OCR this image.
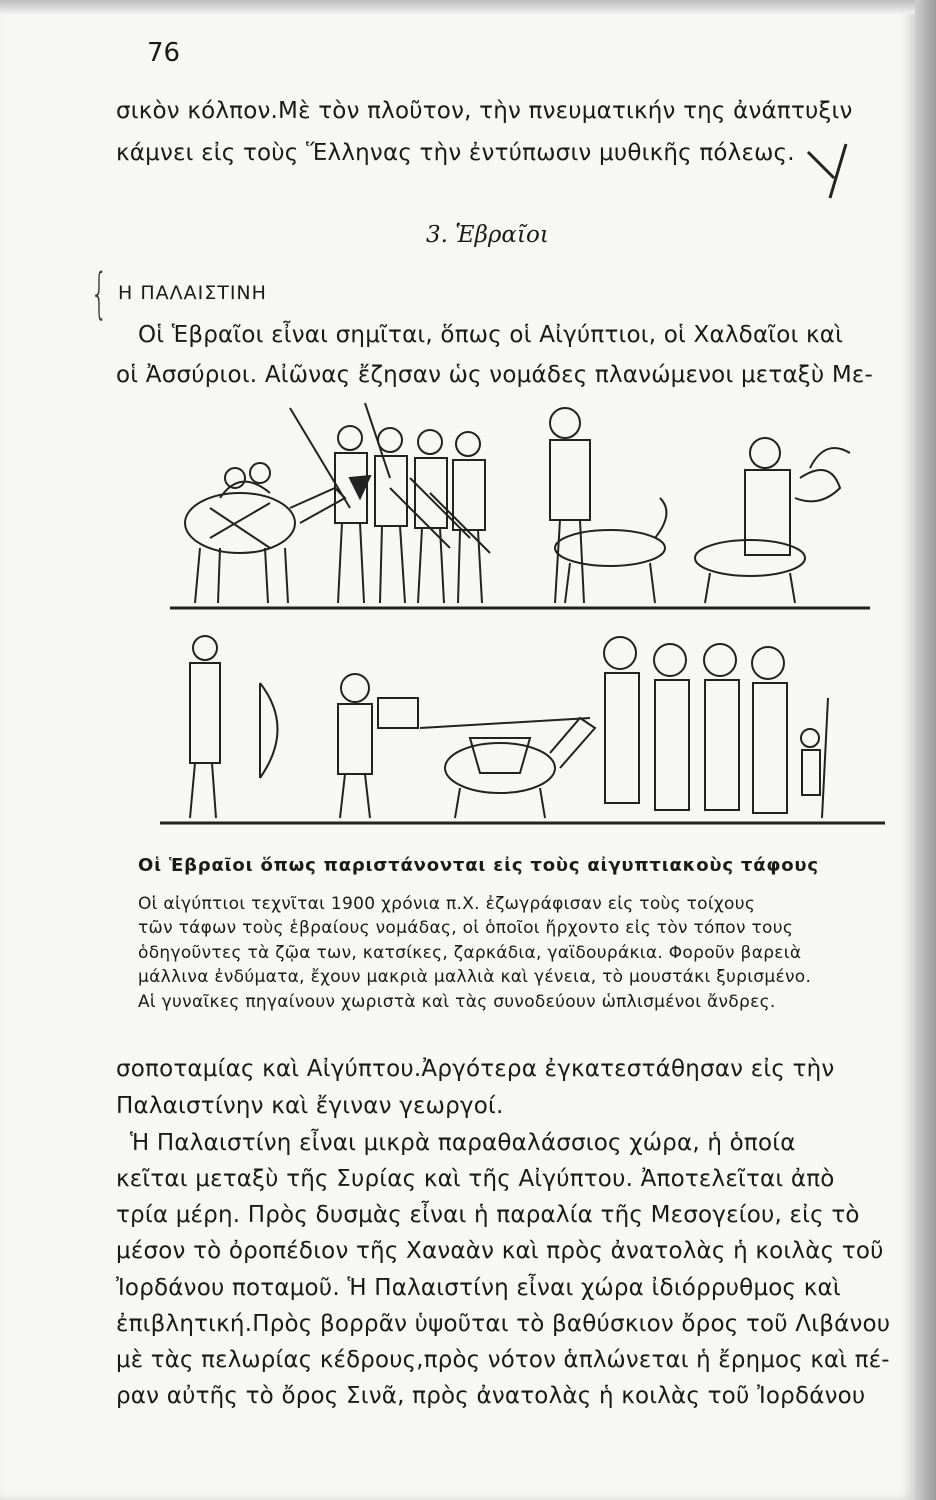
76
σικὸν κόλπον.Μὲ τὸν πλοῦτον, τὴν πνευματικήν της ἀνάπτυξιν
κάμνει εἰς τοὺς Ἕλληνας τὴν ἐντύπωσιν μυθικῆς πόλεως.
3. Ἑβραῖοι
{ Η ΠΑΛΑΙΣΤΙΝΗ
Οἱ Ἑβραῖοι εἶναι σημῖται, ὅπως οἱ Αἰγύπτιοι, οἱ Χαλδαῖοι καὶ
οἱ Ἀσσύριοι. Αἰῶνας ἔζησαν ὡς νομάδες πλανώμενοι μεταξὺ Με-
Οἱ Ἑβραῖοι ὅπως παριστάνονται εἰς τοὺς αἰγυπτιακοὺς τάφους
Οἱ αἰγύπτιοι τεχνῖται 1900 χρόνια π.Χ. ἐζωγράφισαν εἰς τοὺς τοίχους
τῶν τάφων τοὺς ἑβραίους νομάδας, οἱ ὁποῖοι ἤρχοντο εἰς τὸν τόπον τους
ὁδηγοῦντες τὰ ζῷα των, κατσίκες, ζαρκάδια, γαϊδουράκια. Φοροῦν βαρειὰ
μάλλινα ἐνδύματα, ἔχουν μακριὰ μαλλιὰ καὶ γένεια, τὸ μουστάκι ξυρισμένο.
Αἱ γυναῖκες πηγαίνουν χωριστὰ καὶ τὰς συνοδεύουν ὡπλισμένοι ἄνδρες.
σοποταμίας καὶ Αἰγύπτου.Ἀργότερα ἐγκατεστάθησαν εἰς τὴν
Παλαιστίνην καὶ ἔγιναν γεωργοί.
Ἡ Παλαιστίνη εἶναι μικρὰ παραθαλάσσιος χώρα, ἡ ὁποία
κεῖται μεταξὺ τῆς Συρίας καὶ τῆς Αἰγύπτου. Ἀποτελεῖται ἀπὸ
τρία μέρη. Πρὸς δυσμὰς εἶναι ἡ παραλία τῆς Μεσογείου, εἰς τὸ
μέσον τὸ ὀροπέδιον τῆς Χαναὰν καὶ πρὸς ἀνατολὰς ἡ κοιλὰς τοῦ
Ἰορδάνου ποταμοῦ. Ἡ Παλαιστίνη εἶναι χώρα ἰδιόρρυθμος καὶ
ἐπιβλητική.Πρὸς βορρᾶν ὑψοῦται τὸ βαθύσκιον ὄρος τοῦ Λιβάνου
μὲ τὰς πελωρίας κέδρους,πρὸς νότον ἁπλώνεται ἡ ἔρημος καὶ πέ-
ραν αὐτῆς τὸ ὄρος Σινᾶ, πρὸς ἀνατολὰς ἡ κοιλὰς τοῦ Ἰορδάνου
